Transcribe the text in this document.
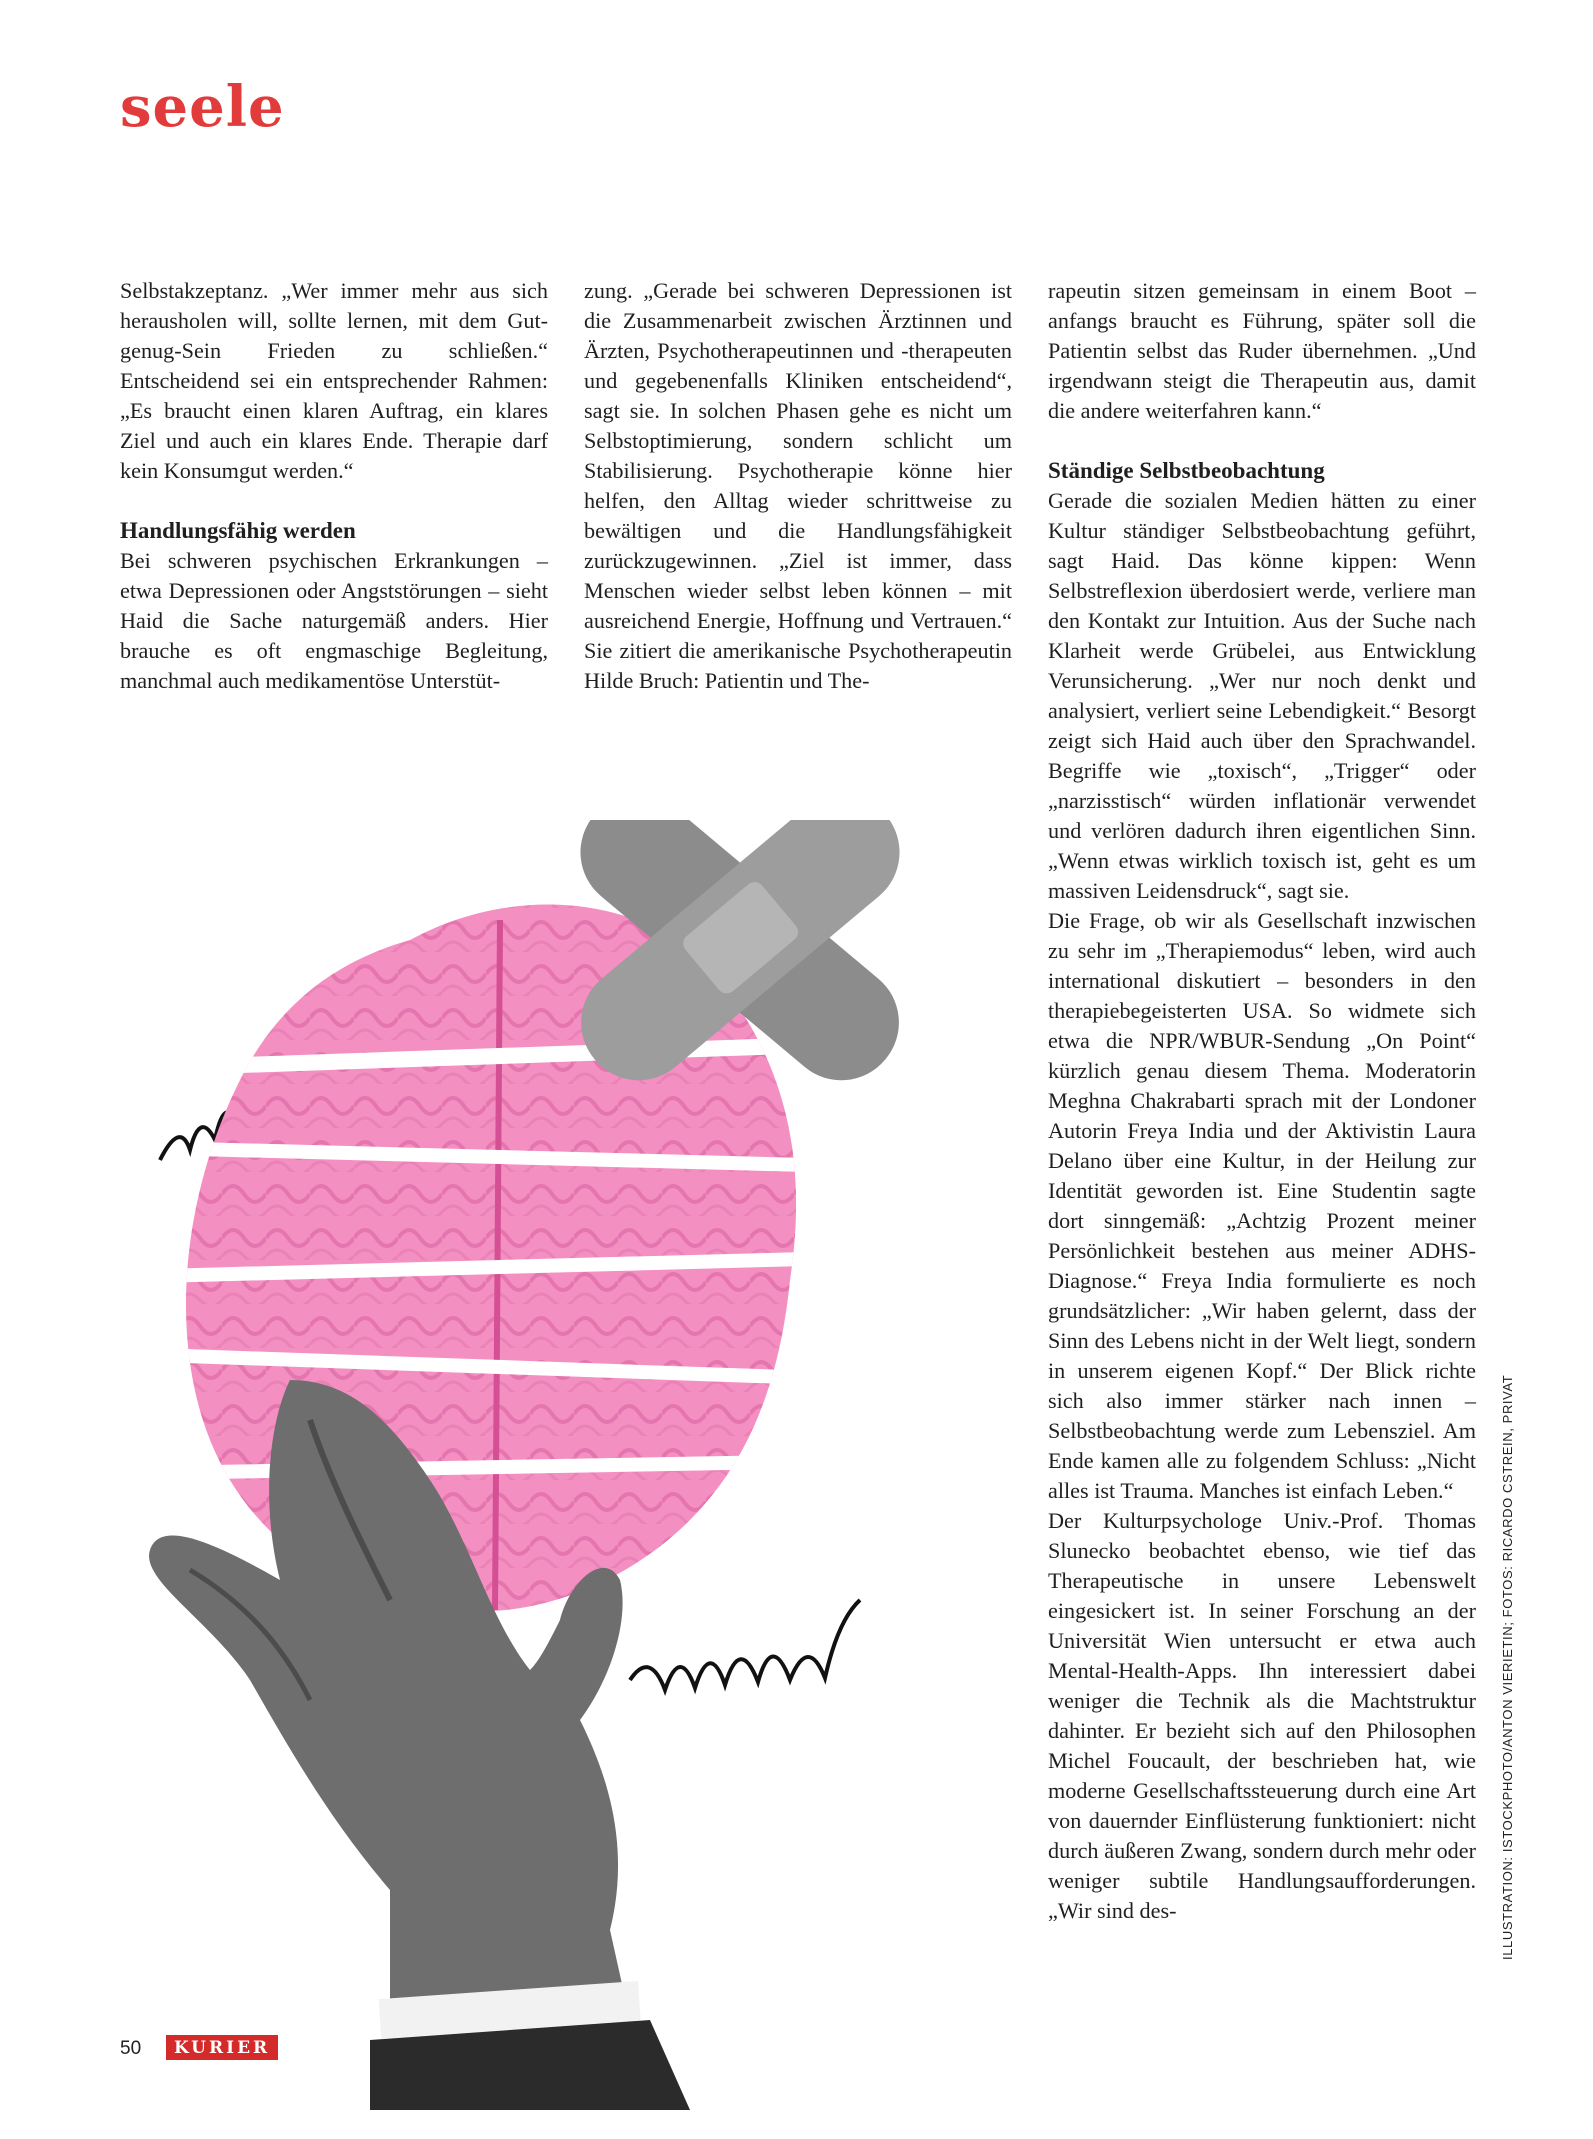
seele

Selbstakzeptanz. „Wer immer mehr aus sich herausholen will, sollte lernen, mit dem Gut-genug-Sein Frieden zu schließen.“ Entscheidend sei ein entsprechender Rahmen: „Es braucht einen klaren Auftrag, ein klares Ziel und auch ein klares Ende. Therapie darf kein Konsumgut werden.“

Handlungsfähig werden

Bei schweren psychischen Erkrankungen – etwa Depressionen oder Angststörungen – sieht Haid die Sache naturgemäß anders. Hier brauche es oft engmaschige Begleitung, manchmal auch medikamentöse Unterstüt-

zung. „Gerade bei schweren Depressionen ist die Zusammenarbeit zwischen Ärztinnen und Ärzten, Psychotherapeutinnen und -therapeuten und gegebenenfalls Kliniken entscheidend“, sagt sie. In solchen Phasen gehe es nicht um Selbstoptimierung, sondern schlicht um Stabilisierung. Psychotherapie könne hier helfen, den Alltag wieder schrittweise zu bewältigen und die Handlungsfähigkeit zurückzugewinnen. „Ziel ist immer, dass Menschen wieder selbst leben können – mit ausreichend Energie, Hoffnung und Vertrauen.“ Sie zitiert die amerikanische Psychotherapeutin Hilde Bruch: Patientin und The-

rapeutin sitzen gemeinsam in einem Boot – anfangs braucht es Führung, später soll die Patientin selbst das Ruder übernehmen. „Und irgendwann steigt die Therapeutin aus, damit die andere weiterfahren kann.“

Ständige Selbstbeobachtung

Gerade die sozialen Medien hätten zu einer Kultur ständiger Selbstbeobachtung geführt, sagt Haid. Das könne kippen: Wenn Selbstreflexion überdosiert werde, verliere man den Kontakt zur Intuition. Aus der Suche nach Klarheit werde Grübelei, aus Entwicklung Verunsicherung. „Wer nur noch denkt und analysiert, verliert seine Lebendigkeit.“ Besorgt zeigt sich Haid auch über den Sprachwandel. Begriffe wie „toxisch“, „Trigger“ oder „narzisstisch“ würden inflationär verwendet und verlören dadurch ihren eigentlichen Sinn. „Wenn etwas wirklich toxisch ist, geht es um massiven Leidensdruck“, sagt sie.

Die Frage, ob wir als Gesellschaft inzwischen zu sehr im „Therapiemodus“ leben, wird auch international diskutiert – besonders in den therapiebegeisterten USA. So widmete sich etwa die NPR/WBUR-Sendung „On Point“ kürzlich genau diesem Thema. Moderatorin Meghna Chakrabarti sprach mit der Londoner Autorin Freya India und der Aktivistin Laura Delano über eine Kultur, in der Heilung zur Identität geworden ist. Eine Studentin sagte dort sinngemäß: „Achtzig Prozent meiner Persönlichkeit bestehen aus meiner ADHS-Diagnose.“ Freya India formulierte es noch grundsätzlicher: „Wir haben gelernt, dass der Sinn des Lebens nicht in der Welt liegt, sondern in unserem eigenen Kopf.“ Der Blick richte sich also immer stärker nach innen – Selbstbeobachtung werde zum Lebensziel. Am Ende kamen alle zu folgendem Schluss: „Nicht alles ist Trauma. Manches ist einfach Leben.“

Der Kulturpsychologe Univ.-Prof. Thomas Slunecko beobachtet ebenso, wie tief das Therapeutische in unsere Lebenswelt eingesickert ist. In seiner Forschung an der Universität Wien untersucht er etwa auch Mental-Health-Apps. Ihn interessiert dabei weniger die Technik als die Machtstruktur dahinter. Er bezieht sich auf den Philosophen Michel Foucault, der beschrieben hat, wie moderne Gesellschaftssteuerung durch eine Art von dauernder Einflüsterung funktioniert: nicht durch äußeren Zwang, sondern durch mehr oder weniger subtile Handlungsaufforderungen. „Wir sind des-	ILLUSTRATION: ISTOCKPHOTO/ANTON VIERIETIN; FOTOS: RICARDO CSTREIN, PRIVAT
50	KURIER
